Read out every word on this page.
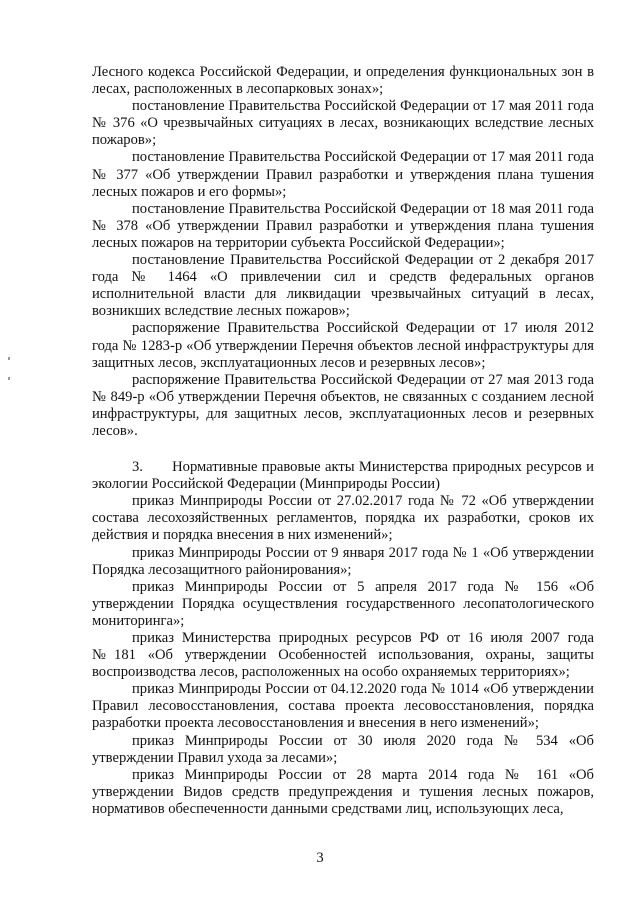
Лесного кодекса Российской Федерации, и определения функциональных зон в лесах, расположенных в лесопарковых зонах»;

постановление Правительства Российской Федерации от 17 мая 2011 года № 376 «О чрезвычайных ситуациях в лесах, возникающих вследствие лесных пожаров»;

постановление Правительства Российской Федерации от 17 мая 2011 года № 377 «Об утверждении Правил разработки и утверждения плана тушения лесных пожаров и его формы»;

постановление Правительства Российской Федерации от 18 мая 2011 года № 378 «Об утверждении Правил разработки и утверждения плана тушения лесных пожаров на территории субъекта Российской Федерации»;

постановление Правительства Российской Федерации от 2 декабря 2017 года № 1464 «О привлечении сил и средств федеральных органов исполнительной власти для ликвидации чрезвычайных ситуаций в лесах, возникших вследствие лесных пожаров»;

распоряжение Правительства Российской Федерации от 17 июля 2012 года № 1283-р «Об утверждении Перечня объектов лесной инфраструктуры для защитных лесов, эксплуатационных лесов и резервных лесов»;

распоряжение Правительства Российской Федерации от 27 мая 2013 года № 849-р «Об утверждении Перечня объектов, не связанных с созданием лесной инфраструктуры, для защитных лесов, эксплуатационных лесов и резервных лесов».

3.  Нормативные правовые акты Министерства природных ресурсов и экологии Российской Федерации (Минприроды России)

приказ Минприроды России от 27.02.2017 года № 72 «Об утверждении состава лесохозяйственных регламентов, порядка их разработки, сроков их действия и порядка внесения в них изменений»;

приказ Минприроды России от 9 января 2017 года № 1 «Об утверждении Порядка лесозащитного районирования»;

приказ Минприроды России от 5 апреля 2017 года № 156 «Об утверждении Порядка осуществления государственного лесопатологического мониторинга»;

приказ Министерства природных ресурсов РФ от 16 июля 2007 года №181 «Об утверждении Особенностей использования, охраны, защиты воспроизводства лесов, расположенных на особо охраняемых территориях»;

приказ Минприроды России от 04.12.2020 года № 1014 «Об утверждении Правил лесовосстановления, состава проекта лесовосстановления, порядка разработки проекта лесовосстановления и внесения в него изменений»;

приказ Минприроды России от 30 июля 2020 года № 534 «Об утверждении Правил ухода за лесами»;

приказ Минприроды России от 28 марта 2014 года № 161 «Об утверждении Видов средств предупреждения и тушения лесных пожаров, нормативов обеспеченности данными средствами лиц, использующих леса,

3
